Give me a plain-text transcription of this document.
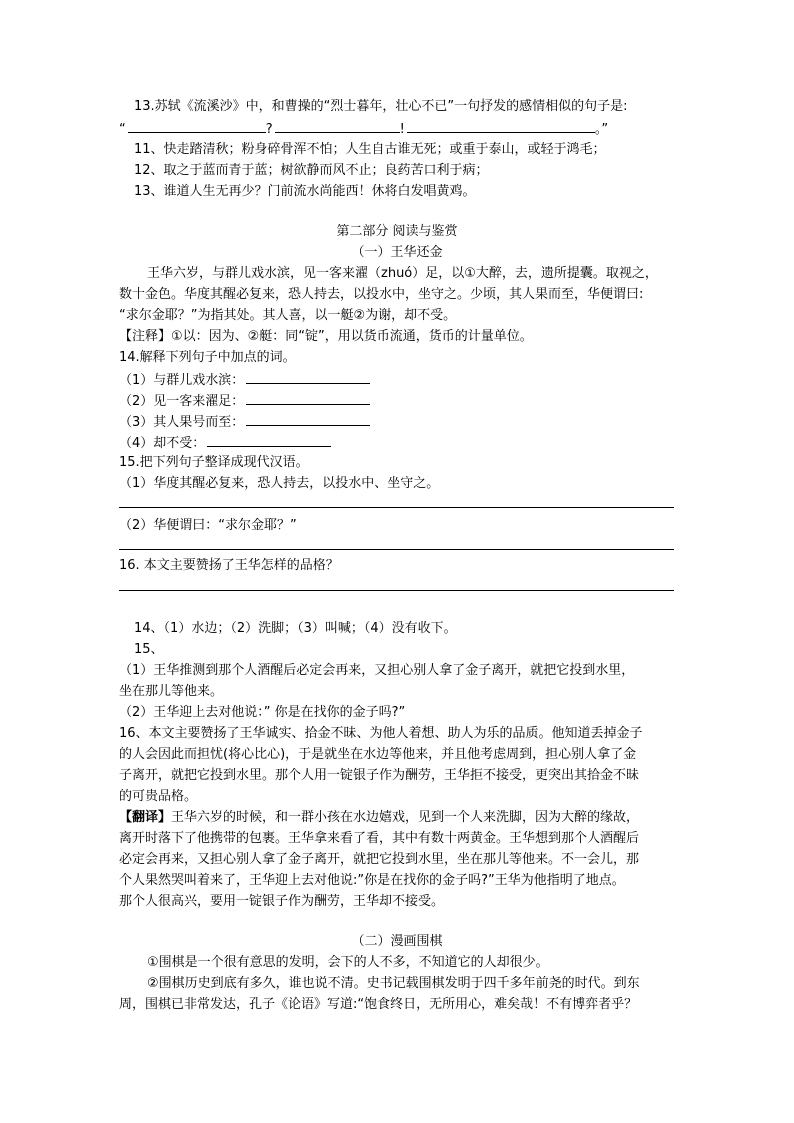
13.苏轼《流溪沙》中，和曹操的“烈士暮年，壮心不已”一句抒发的感情相似的句子是:
“	?	!	。”
11、快走踏清秋；粉身碎骨浑不怕；人生自古谁无死；或重于泰山，或轻于鸿毛；
12、取之于蓝而青于蓝；树欲静而风不止；良药苦口利于病；
13、谁道人生无再少？门前流水尚能西！休将白发唱黄鸡。
第二部分 阅读与鉴赏
（一）王华还金
王华六岁，与群儿戏水滨，见一客来濯（zhuó）足，以①大醉，去，遗所提囊。取视之，
数十金色。华度其醒必复来，恐人持去，以投水中，坐守之。少顷，其人果而至，华便谓曰:
“求尔金耶？”为指其处。其人喜，以一艇②为谢，却不受。
【注释】①以：因为、②艇：同“锭”，用以货币流通，货币的计量单位。
14.解释下列句子中加点的词。
（1）与群儿戏水滨：
（2）见一客来濯足：
（3）其人果号而至：
（4）却不受：
15.把下列句子整译成现代汉语。
（1）华度其醒必复来，恐人持去，以投水中、坐守之。
（2）华便谓曰：“求尔金耶？”
16. 本文主要赞扬了王华怎样的品格？
14、（1）水边；（2）洗脚；（3）叫喊；（4）没有收下。
15、
（1）王华推测到那个人酒醒后必定会再来，又担心别人拿了金子离开，就把它投到水里，
坐在那儿等他来。
（2）王华迎上去对他说：” 你是在找你的金子吗?”
16、本文主要赞扬了王华诚实、拾金不昧、为他人着想、助人为乐的品质。他知道丢掉金子
的人会因此而担忧(将心比心)，于是就坐在水边等他来，并且他考虑周到，担心别人拿了金
子离开，就把它投到水里。那个人用一锭银子作为酬劳，王华拒不接受，更突出其拾金不昧
的可贵品格。
【翻译】王华六岁的时候，和一群小孩在水边嬉戏，见到一个人来洗脚，因为大醉的缘故，
离开时落下了他携带的包裹。王华拿来看了看，其中有数十两黄金。王华想到那个人酒醒后
必定会再来，又担心别人拿了金子离开，就把它投到水里，坐在那儿等他来。不一会儿，那
个人果然哭叫着来了，王华迎上去对他说:”你是在找你的金子吗?”王华为他指明了地点。
那个人很高兴，要用一锭银子作为酬劳，王华却不接受。
（二）漫画围棋
①围棋是一个很有意思的发明，会下的人不多，不知道它的人却很少。
②围棋历史到底有多久，谁也说不清。史书记载围棋发明于四千多年前尧的时代。到东
周，围棋已非常发达，孔子《论语》写道:“饱食终日，无所用心，难矣哉！不有博弈者乎？
